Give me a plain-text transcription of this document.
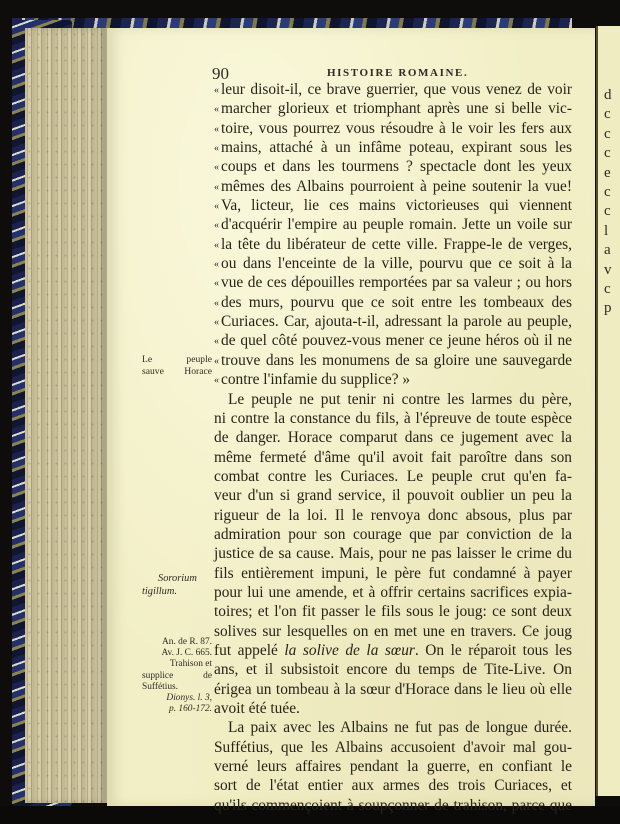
d
c
c
c
e
c
c
l
a
v
c
p
90	HISTOIRE ROMAINE.
« leur disoit-il, ce brave guerrier, que vous venez de voir
« marcher glorieux et triomphant après une si belle vic-
« toire, vous pourrez vous résoudre à le voir les fers aux
« mains, attaché à un infâme poteau, expirant sous les
« coups et dans les tourmens ? spectacle dont les yeux
« mêmes des Albains pourroient à peine soutenir la vue!
« Va, licteur, lie ces mains victorieuses qui viennent
« d'acquérir l'empire au peuple romain. Jette un voile sur
« la tête du libérateur de cette ville. Frappe-le de verges,
« ou dans l'enceinte de la ville, pourvu que ce soit à la
« vue de ces dépouilles remportées par sa valeur ; ou hors
« des murs, pourvu que ce soit entre les tombeaux des
« Curiaces. Car, ajouta-t-il, adressant la parole au peuple,
« de quel côté pouvez-vous mener ce jeune héros où il ne
« trouve dans les monumens de sa gloire une sauvegarde
« contre l'infamie du supplice? »
Le peuple ne put tenir ni contre les larmes du père,
ni contre la constance du fils, à l'épreuve de toute espèce
de danger. Horace comparut dans ce jugement avec la
même fermeté d'âme qu'il avoit fait paroître dans son
combat contre les Curiaces. Le peuple crut qu'en fa-
veur d'un si grand service, il pouvoit oublier un peu la
rigueur de la loi. Il le renvoya donc absous, plus par
admiration pour son courage que par conviction de la
justice de sa cause. Mais, pour ne pas laisser le crime du
fils entièrement impuni, le père fut condamné à payer
pour lui une amende, et à offrir certains sacrifices expia-
toires; et l'on fit passer le fils sous le joug: ce sont deux
solives sur lesquelles on en met une en travers. Ce joug
fut appelé la solive de la sœur. On le réparoit tous les
ans, et il subsistoit encore du temps de Tite-Live. On
érigea un tombeau à la sœur d'Horace dans le lieu où elle
avoit été tuée.
La paix avec les Albains ne fut pas de longue durée.
Suffétius, que les Albains accusoient d'avoir mal gou-
verné leurs affaires pendant la guerre, en confiant le
sort de l'état entier aux armes des trois Curiaces, et
qu'ils commençoient à soupçonner de trahison, parce que
Le peuple
sauve Horace
Sororium
tigillum.
An. de R. 87.
Av. J. C. 665.
Trahison et
supplice de
Suffétius.
Dionys. l. 3,
p. 160-172.
